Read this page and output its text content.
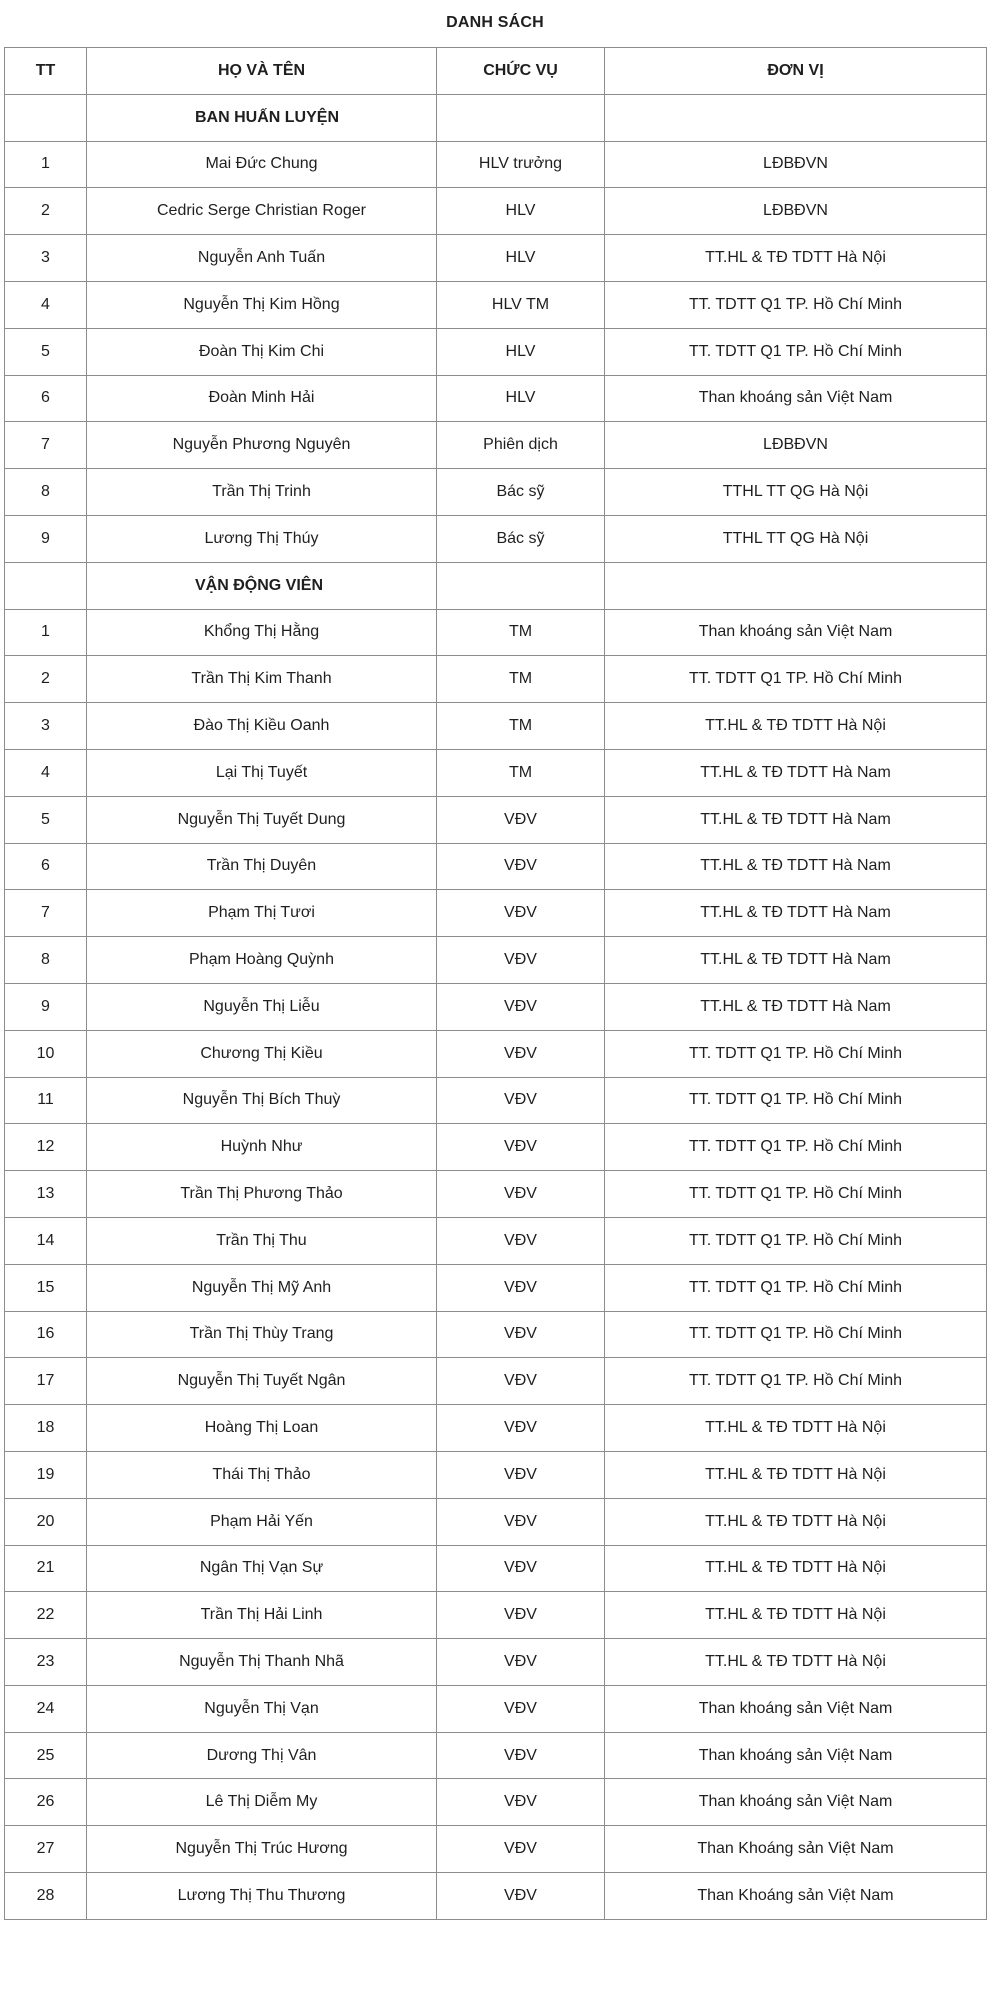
DANH SÁCH
TT	HỌ VÀ TÊN	CHỨC VỤ	ĐƠN VỊ
	BAN HUẤN LUYỆN		
1	Mai Đức Chung	HLV trưởng	LĐBĐVN
2	Cedric Serge Christian Roger	HLV	LĐBĐVN
3	Nguyễn Anh Tuấn	HLV	TT.HL & TĐ TDTT Hà Nội
4	Nguyễn Thị Kim Hồng	HLV TM	TT. TDTT Q1 TP. Hồ Chí Minh
5	Đoàn Thị Kim Chi	HLV	TT. TDTT Q1 TP. Hồ Chí Minh
6	Đoàn Minh Hải	HLV	Than khoáng sản Việt Nam
7	Nguyễn Phương Nguyên	Phiên dịch	LĐBĐVN
8	Trần Thị Trinh	Bác sỹ	TTHL TT QG Hà Nội
9	Lương Thị Thúy	Bác sỹ	TTHL TT QG Hà Nội
	VẬN ĐỘNG VIÊN		
1	Khổng Thị Hằng	TM	Than khoáng sản Việt Nam
2	Trần Thị Kim Thanh	TM	TT. TDTT Q1 TP. Hồ Chí Minh
3	Đào Thị Kiều Oanh	TM	TT.HL & TĐ TDTT Hà Nội
4	Lại Thị Tuyết	TM	TT.HL & TĐ TDTT Hà Nam
5	Nguyễn Thị Tuyết Dung	VĐV	TT.HL & TĐ TDTT Hà Nam
6	Trần Thị Duyên	VĐV	TT.HL & TĐ TDTT Hà Nam
7	Phạm Thị Tươi	VĐV	TT.HL & TĐ TDTT Hà Nam
8	Phạm Hoàng Quỳnh	VĐV	TT.HL & TĐ TDTT Hà Nam
9	Nguyễn Thị Liễu	VĐV	TT.HL & TĐ TDTT Hà Nam
10	Chương Thị Kiều	VĐV	TT. TDTT Q1 TP. Hồ Chí Minh
11	Nguyễn Thị Bích Thuỳ	VĐV	TT. TDTT Q1 TP. Hồ Chí Minh
12	Huỳnh Như	VĐV	TT. TDTT Q1 TP. Hồ Chí Minh
13	Trần Thị Phương Thảo	VĐV	TT. TDTT Q1 TP. Hồ Chí Minh
14	Trần Thị Thu	VĐV	TT. TDTT Q1 TP. Hồ Chí Minh
15	Nguyễn Thị Mỹ Anh	VĐV	TT. TDTT Q1 TP. Hồ Chí Minh
16	Trần Thị Thùy Trang	VĐV	TT. TDTT Q1 TP. Hồ Chí Minh
17	Nguyễn Thị Tuyết Ngân	VĐV	TT. TDTT Q1 TP. Hồ Chí Minh
18	Hoàng Thị Loan	VĐV	TT.HL & TĐ TDTT Hà Nội
19	Thái Thị Thảo	VĐV	TT.HL & TĐ TDTT Hà Nội
20	Phạm Hải Yến	VĐV	TT.HL & TĐ TDTT Hà Nội
21	Ngân Thị Vạn Sự	VĐV	TT.HL & TĐ TDTT Hà Nội
22	Trần Thị Hải Linh	VĐV	TT.HL & TĐ TDTT Hà Nội
23	Nguyễn Thị Thanh Nhã	VĐV	TT.HL & TĐ TDTT Hà Nội
24	Nguyễn Thị Vạn	VĐV	Than khoáng sản Việt Nam
25	Dương Thị Vân	VĐV	Than khoáng sản Việt Nam
26	Lê Thị Diễm My	VĐV	Than khoáng sản Việt Nam
27	Nguyễn Thị Trúc Hương	VĐV	Than Khoáng sản Việt Nam
28	Lương Thị Thu Thương	VĐV	Than Khoáng sản Việt Nam
